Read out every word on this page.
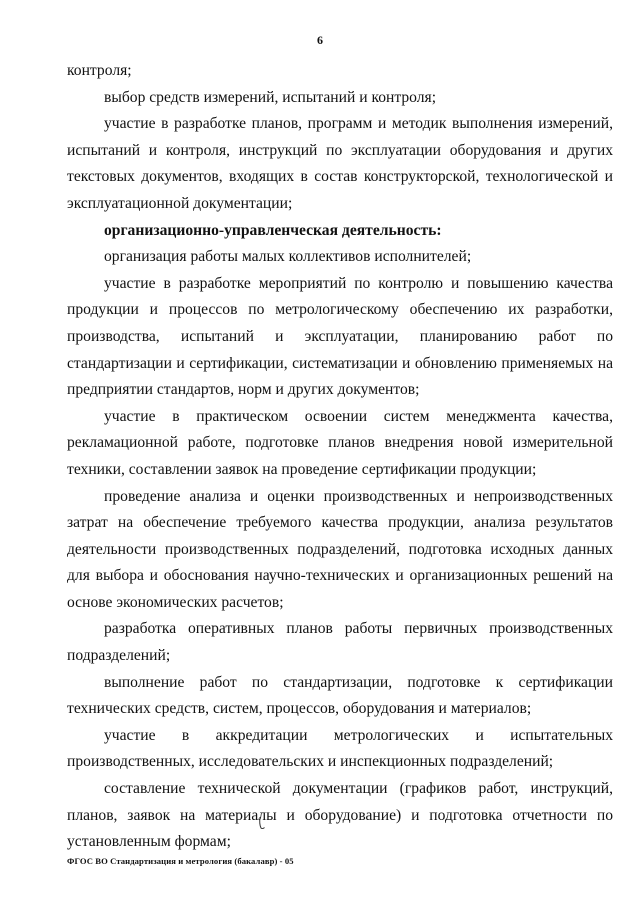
6

контроля;

выбор средств измерений, испытаний и контроля;

участие в разработке планов, программ и методик выполнения измерений, испытаний и контроля, инструкций по эксплуатации оборудования и других текстовых документов, входящих в состав конструкторской, технологической и эксплуатационной документации;

организационно-управленческая деятельность:

организация работы малых коллективов исполнителей;

участие в разработке мероприятий по контролю и повышению качества продукции и процессов по метрологическому обеспечению их разработки, производства, испытаний и эксплуатации, планированию работ по стандартизации и сертификации, систематизации и обновлению применяемых на предприятии стандартов, норм и других документов;

участие в практическом освоении систем менеджмента качества, рекламационной работе, подготовке планов внедрения новой измерительной техники, составлении заявок на проведение сертификации продукции;

проведение анализа и оценки производственных и непроизводственных затрат на обеспечение требуемого качества продукции, анализа результатов деятельности производственных подразделений, подготовка исходных данных для выбора и обоснования научно-технических и организационных решений на основе экономических расчетов;

разработка оперативных планов работы первичных производственных подразделений;

выполнение работ по стандартизации, подготовке к сертификации технических средств, систем, процессов, оборудования и материалов;

участие в аккредитации метрологических и испытательных производственных, исследовательских и инспекционных подразделений;

составление технической документации (графиков работ, инструкций, планов, заявок на материалы и оборудование) и подготовка отчетности по установленным формам;

ФГОС ВО Стандартизация и метрология (бакалавр) - 05
